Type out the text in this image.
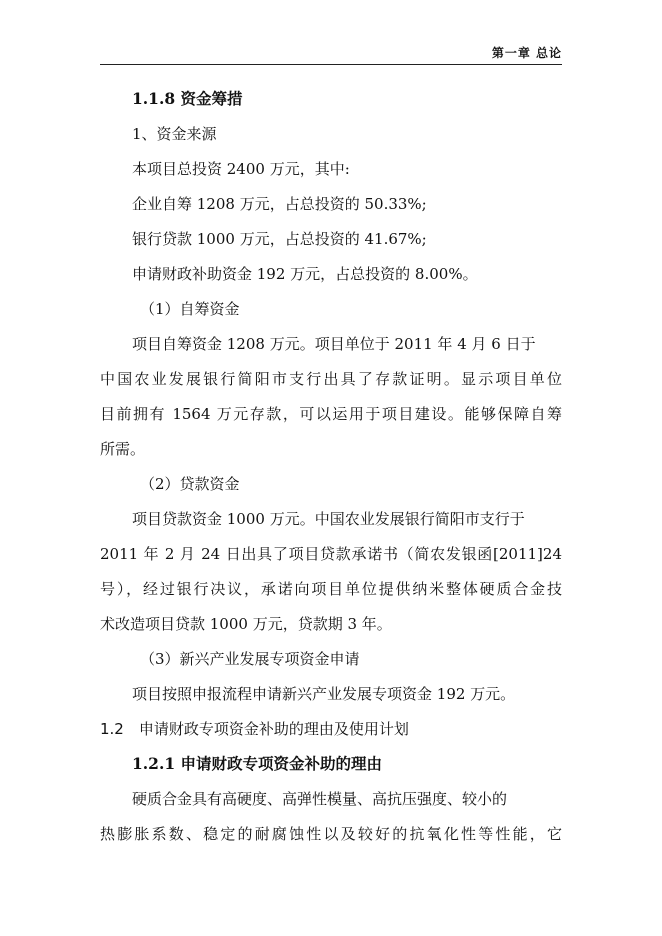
第一章 总论
1.1.8 资金筹措
1、资金来源
本项目总投资 2400 万元，其中:
企业自筹 1208 万元，占总投资的 50.33%;
银行贷款 1000 万元，占总投资的 41.67%;
申请财政补助资金 192 万元，占总投资的 8.00%。
（1）自筹资金
项目自筹资金 1208 万元。项目单位于 2011 年 4 月 6 日于
中国农业发展银行简阳市支行出具了存款证明。显示项目单位
目前拥有 1564 万元存款，可以运用于项目建设。能够保障自筹
所需。
（2）贷款资金
项目贷款资金 1000 万元。中国农业发展银行简阳市支行于
2011 年 2 月 24 日出具了项目贷款承诺书（简农发银函[2011]24
号），经过银行决议，承诺向项目单位提供纳米整体硬质合金技
术改造项目贷款 1000 万元，贷款期 3 年。
（3）新兴产业发展专项资金申请
项目按照申报流程申请新兴产业发展专项资金 192 万元。
1.2　申请财政专项资金补助的理由及使用计划
1.2.1 申请财政专项资金补助的理由
硬质合金具有高硬度、高弹性模量、高抗压强度、较小的
热膨胀系数、稳定的耐腐蚀性以及较好的抗氧化性等性能，它
